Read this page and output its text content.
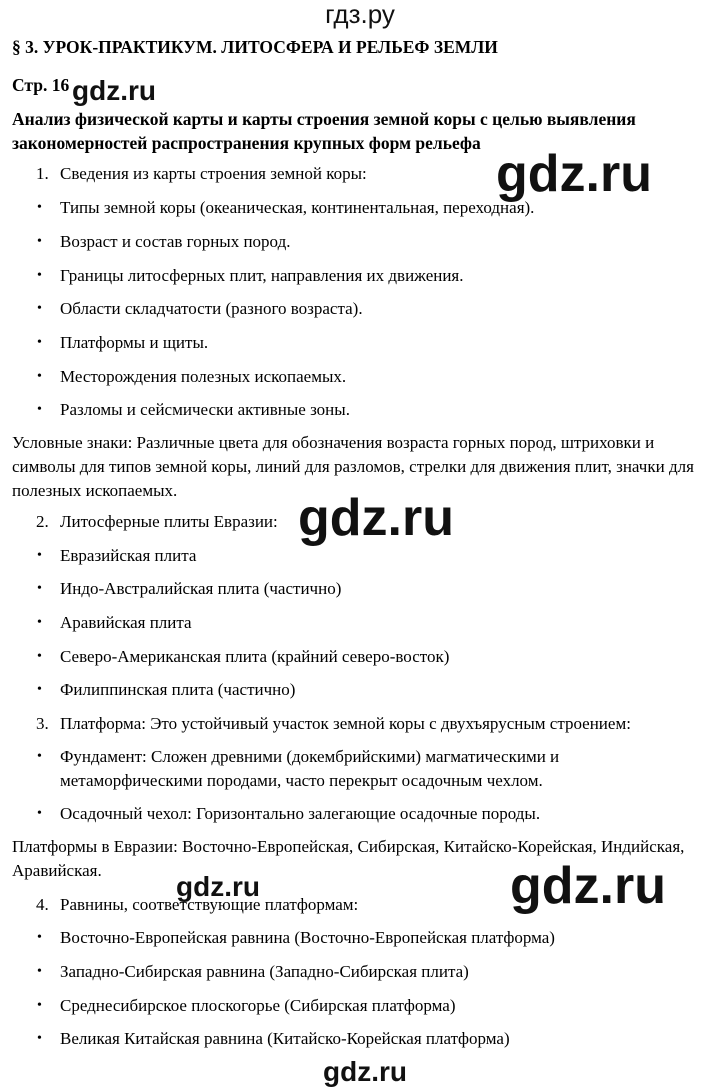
гдз.ру
§ 3. УРОК-ПРАКТИКУМ. ЛИТОСФЕРА И РЕЛЬЕФ ЗЕМЛИ
Стр. 16
Анализ физической карты и карты строения земной коры с целью выявления закономерностей распространения крупных форм рельефа
1. Сведения из карты строения земной коры:
• Типы земной коры (океаническая, континентальная, переходная).
• Возраст и состав горных пород.
• Границы литосферных плит, направления их движения.
• Области складчатости (разного возраста).
• Платформы и щиты.
• Месторождения полезных ископаемых.
• Разломы и сейсмически активные зоны.
Условные знаки: Различные цвета для обозначения возраста горных пород, штриховки и символы для типов земной коры, линий для разломов, стрелки для движения плит, значки для полезных ископаемых.
2. Литосферные плиты Евразии:
• Евразийская плита
• Индо-Австралийская плита (частично)
• Аравийская плита
• Северо-Американская плита (крайний северо-восток)
• Филиппинская плита (частично)
3. Платформа: Это устойчивый участок земной коры с двухъярусным строением:
• Фундамент: Сложен древними (докембрийскими) магматическими и метаморфическими породами, часто перекрыт осадочным чехлом.
• Осадочный чехол: Горизонтально залегающие осадочные породы.
Платформы в Евразии: Восточно-Европейская, Сибирская, Китайско-Корейская, Индийская, Аравийская.
4. Равнины, соответствующие платформам:
• Восточно-Европейская равнина (Восточно-Европейская платформа)
• Западно-Сибирская равнина (Западно-Сибирская плита)
• Среднесибирское плоскогорье (Сибирская платформа)
• Великая Китайская равнина (Китайско-Корейская платформа)
gdz.ru
gdz.ru
gdz.ru
gdz.ru	gdz.ru
gdz.ru
